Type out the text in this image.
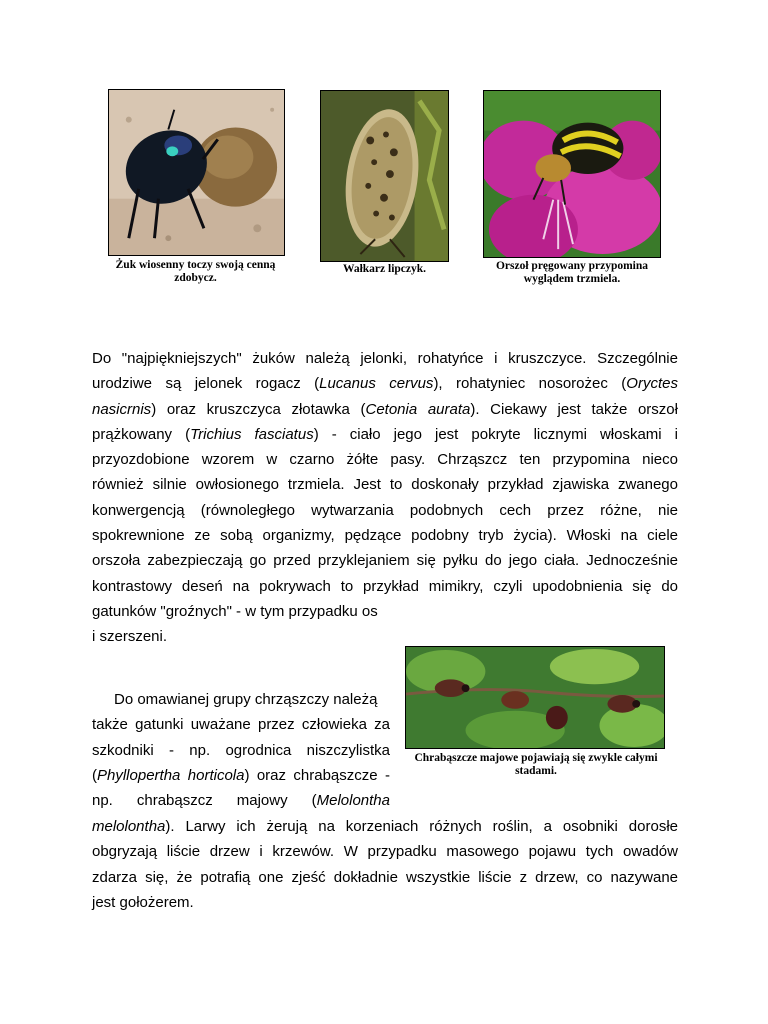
Żuk wiosenny toczy swoją cenną zdobycz.
Wałkarz lipczyk.	Orszoł pręgowany przypomina wyglądem trzmiela.
Do "najpiękniejszych" żuków należą jelonki, rohatyńce i kruszczyce. Szczególnie
urodziwe są jelonek rogacz (Lucanus cervus), rohatyniec nosorożec (Oryctes
nasicrnis) oraz kruszczyca złotawka (Cetonia aurata). Ciekawy jest także orszoł
prążkowany (Trichius fasciatus) - ciało jego jest pokryte licznymi włoskami i
przyozdobione wzorem w czarno żółte pasy. Chrząszcz ten przypomina nieco
również silnie owłosionego trzmiela. Jest to doskonały przykład zjawiska zwanego
konwergencją (równoległego wytwarzania podobnych cech przez różne, nie
spokrewnione ze sobą organizmy, pędzące podobny tryb życia). Włoski na ciele
orszoła zabezpieczają go przed przyklejaniem się pyłku do jego ciała. Jednocześnie
kontrastowy deseń na pokrywach to przykład mimikry, czyli upodobnienia się do
gatunków "groźnych" - w tym przypadku os
i szerszeni.
Chrabąszcze majowe pojawiają się zwykle całymi stadami.
Do omawianej grupy chrząszczy należą
także gatunki uważane przez człowieka za
szkodniki - np. ogrodnica niszczylistka
(Phyllopertha horticola) oraz chrabąszcze -
np. chrabąszcz majowy (Melolontha
melolontha). Larwy ich żerują na korzeniach różnych roślin, a osobniki dorosłe
obgryzają liście drzew i krzewów. W przypadku masowego pojawu tych owadów
zdarza się, że potrafią one zjeść dokładnie wszystkie liście z drzew, co nazywane
jest gołożerem.
